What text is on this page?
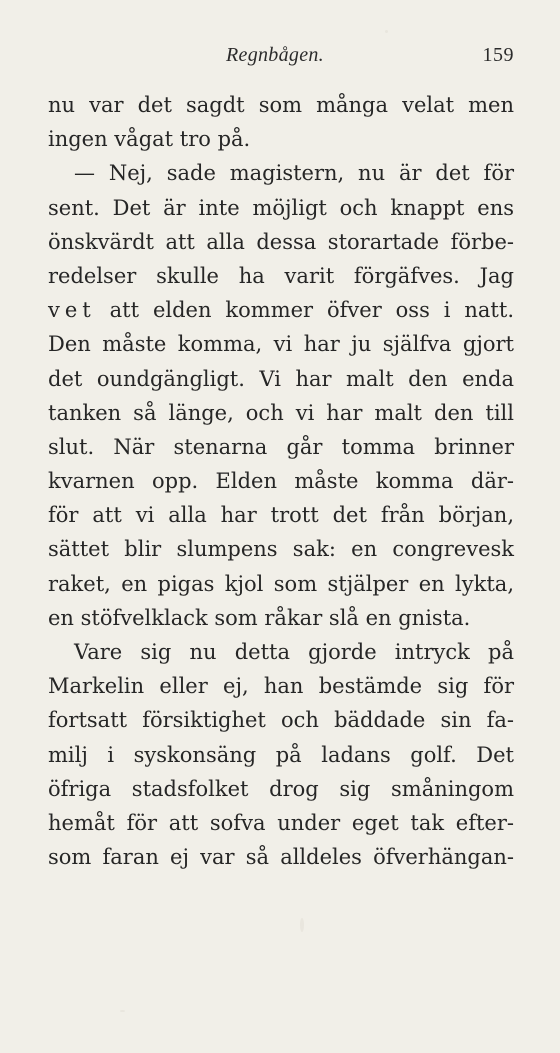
Regnbågen.	159
nu var det sagdt som många velat men
ingen vågat tro på.
— Nej, sade magistern, nu är det för
sent. Det är inte möjligt och knappt ens
önskvärdt att alla dessa storartade förbe-
redelser skulle ha varit förgäfves. Jag
vet att elden kommer öfver oss i natt.
Den måste komma, vi har ju själfva gjort
det oundgängligt. Vi har malt den enda
tanken så länge, och vi har malt den till
slut. När stenarna går tomma brinner
kvarnen opp. Elden måste komma där-
för att vi alla har trott det från början,
sättet blir slumpens sak: en congrevesk
raket, en pigas kjol som stjälper en lykta,
en stöfvelklack som råkar slå en gnista.
Vare sig nu detta gjorde intryck på
Markelin eller ej, han bestämde sig för
fortsatt försiktighet och bäddade sin fa-
milj i syskonsäng på ladans golf. Det
öfriga stadsfolket drog sig småningom
hemåt för att sofva under eget tak efter-
som faran ej var så alldeles öfverhängan-
